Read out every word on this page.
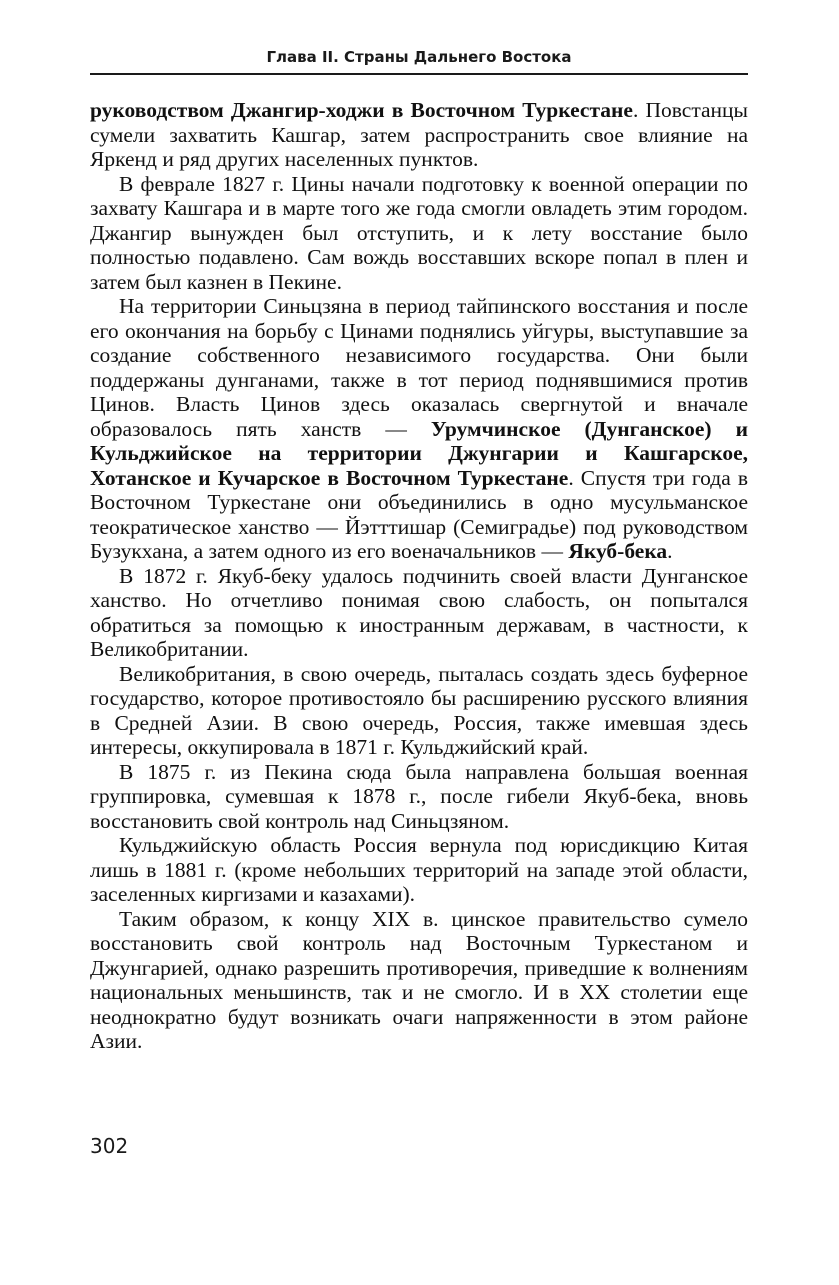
Глава II. Страны Дальнего Востока

руководством Джангир-ходжи в Восточном Туркестане. Повстанцы сумели захватить Кашгар, затем распространить свое влияние на Яркенд и ряд других населенных пунктов.

В феврале 1827 г. Цины начали подготовку к военной операции по захвату Кашгара и в марте того же года смогли овладеть этим городом. Джангир вынужден был отступить, и к лету восстание было полностью подавлено. Сам вождь восставших вскоре попал в плен и затем был казнен в Пекине.

На территории Синьцзяна в период тайпинского восстания и после его окончания на борьбу с Цинами поднялись уйгуры, выступавшие за создание собственного независимого государства. Они были поддержаны дунганами, также в тот период поднявшимися против Цинов. Власть Цинов здесь оказалась свергнутой и вначале образовалось пять ханств — Урумчинское (Дунганское) и Кульджийское на территории Джунгарии и Кашгарское, Хотанское и Кучарское в Восточном Туркестане. Спустя три года в Восточном Туркестане они объединились в одно мусульманское теократическое ханство — Йэтттишар (Семиградье) под руководством Бузукхана, а затем одного из его военачальников — Якуб-бека.

В 1872 г. Якуб-беку удалось подчинить своей власти Дунганское ханство. Но отчетливо понимая свою слабость, он попытался обратиться за помощью к иностранным державам, в частности, к Великобритании.

Великобритания, в свою очередь, пыталась создать здесь буферное государство, которое противостояло бы расширению русского влияния в Средней Азии. В свою очередь, Россия, также имевшая здесь интересы, оккупировала в 1871 г. Кульджийский край.

В 1875 г. из Пекина сюда была направлена большая военная группировка, сумевшая к 1878 г., после гибели Якуб-бека, вновь восстановить свой контроль над Синьцзяном.

Кульджийскую область Россия вернула под юрисдикцию Китая лишь в 1881 г. (кроме небольших территорий на западе этой области, заселенных киргизами и казахами).

Таким образом, к концу XIX в. цинское правительство сумело восстановить свой контроль над Восточным Туркестаном и Джунгарией, однако разрешить противоречия, приведшие к волнениям национальных меньшинств, так и не смогло. И в XX столетии еще неоднократно будут возникать очаги напряженности в этом районе Азии.

302
